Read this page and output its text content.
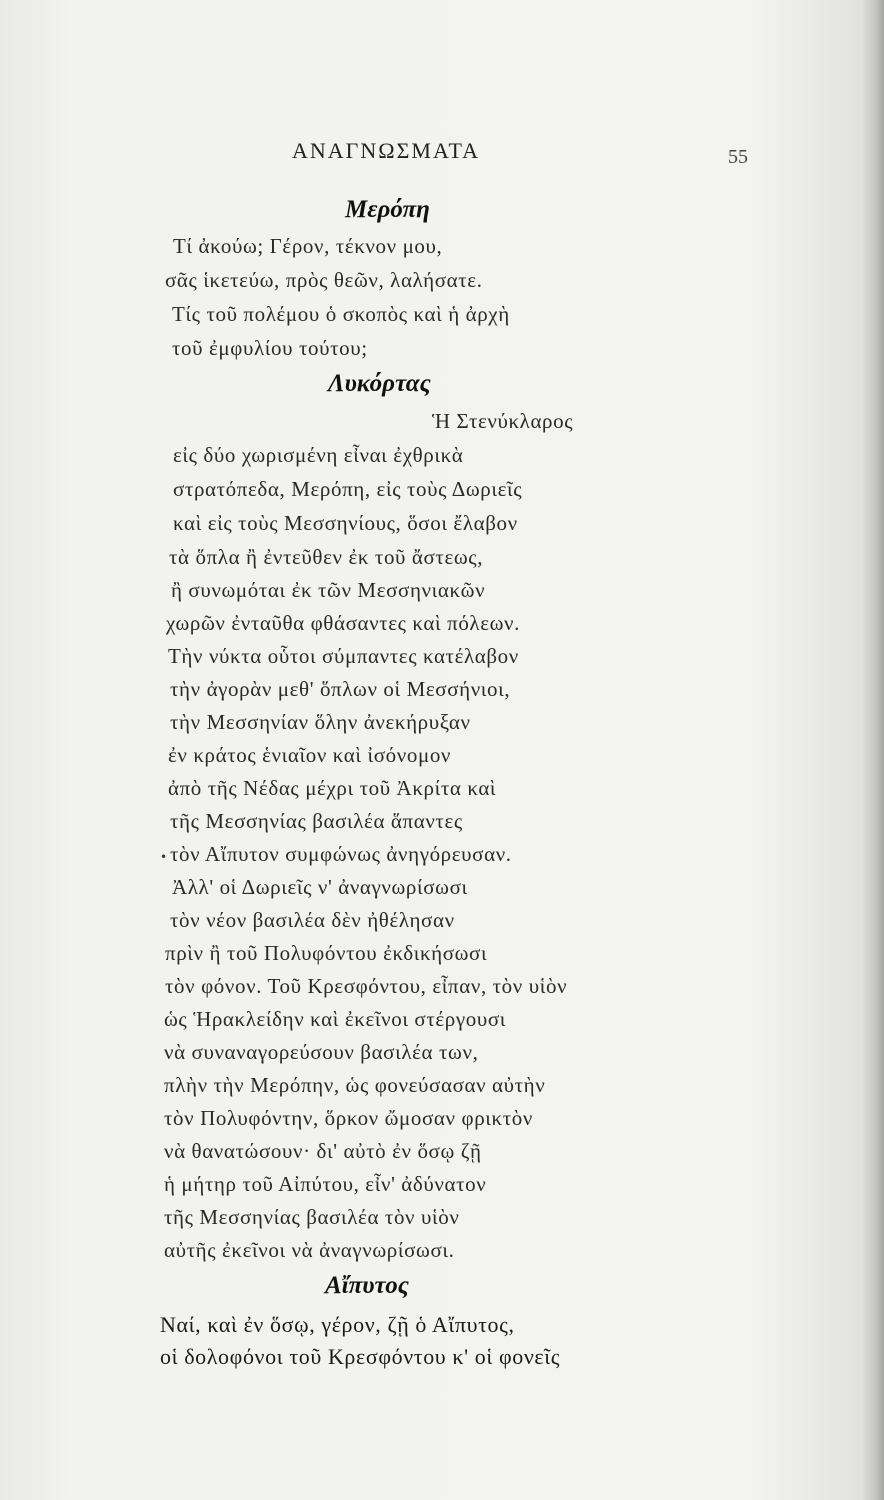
ΑΝΑΓΝΩΣΜΑΤΑ	55
Μερόπη
Τί ἀκούω; Γέρον, τέκνον μου,
σᾶς ἱκετεύω, πρὸς θεῶν, λαλήσατε.
Τίς τοῦ πολέμου ὁ σκοπὸς καὶ ἡ ἀρχὴ
τοῦ ἐμφυλίου τούτου;
Λυκόρτας
Ἡ Στενύκλαρος
εἰς δύο χωρισμένη εἶναι ἐχθρικὰ
στρατόπεδα, Μερόπη, εἰς τοὺς Δωριεῖς
καὶ εἰς τοὺς Μεσσηνίους, ὅσοι ἔλαβον
τὰ ὅπλα ἢ ἐντεῦθεν ἐκ τοῦ ἄστεως,
ἢ συνωμόται ἐκ τῶν Μεσσηνιακῶν
χωρῶν ἐνταῦθα φθάσαντες καὶ πόλεων.
Τὴν νύκτα οὗτοι σύμπαντες κατέλαβον
τὴν ἀγορὰν μεθ' ὅπλων οἱ Μεσσήνιοι,
τὴν Μεσσηνίαν ὅλην ἀνεκήρυξαν
ἐν κράτος ἑνιαῖον καὶ ἰσόνομον
ἀπὸ τῆς Νέδας μέχρι τοῦ Ἀκρίτα καὶ
τῆς Μεσσηνίας βασιλέα ἅπαντες
• τὸν Αἴπυτον συμφώνως ἀνηγόρευσαν.
Ἀλλ' οἱ Δωριεῖς ν' ἀναγνωρίσωσι
τὸν νέον βασιλέα δὲν ἠθέλησαν
πρὶν ἢ τοῦ Πολυφόντου ἐκδικήσωσι
τὸν φόνον. Τοῦ Κρεσφόντου, εἶπαν, τὸν υἱὸν
ὡς Ἡρακλείδην καὶ ἐκεῖνοι στέργουσι
νὰ συναναγορεύσουν βασιλέα των,
πλὴν τὴν Μερόπην, ὡς φονεύσασαν αὐτὴν
τὸν Πολυφόντην, ὅρκον ὤμοσαν φρικτὸν
νὰ θανατώσουν· δι' αὐτὸ ἐν ὅσῳ ζῇ
ἡ μήτηρ τοῦ Αἰπύτου, εἶν' ἀδύνατον
τῆς Μεσσηνίας βασιλέα τὸν υἱὸν
αὐτῆς ἐκεῖνοι νὰ ἀναγνωρίσωσι.
Αἴπυτος
Ναί, καὶ ἐν ὅσῳ, γέρον, ζῇ ὁ Αἴπυτος,
οἱ δολοφόνοι τοῦ Κρεσφόντου κ' οἱ φονεῖς
